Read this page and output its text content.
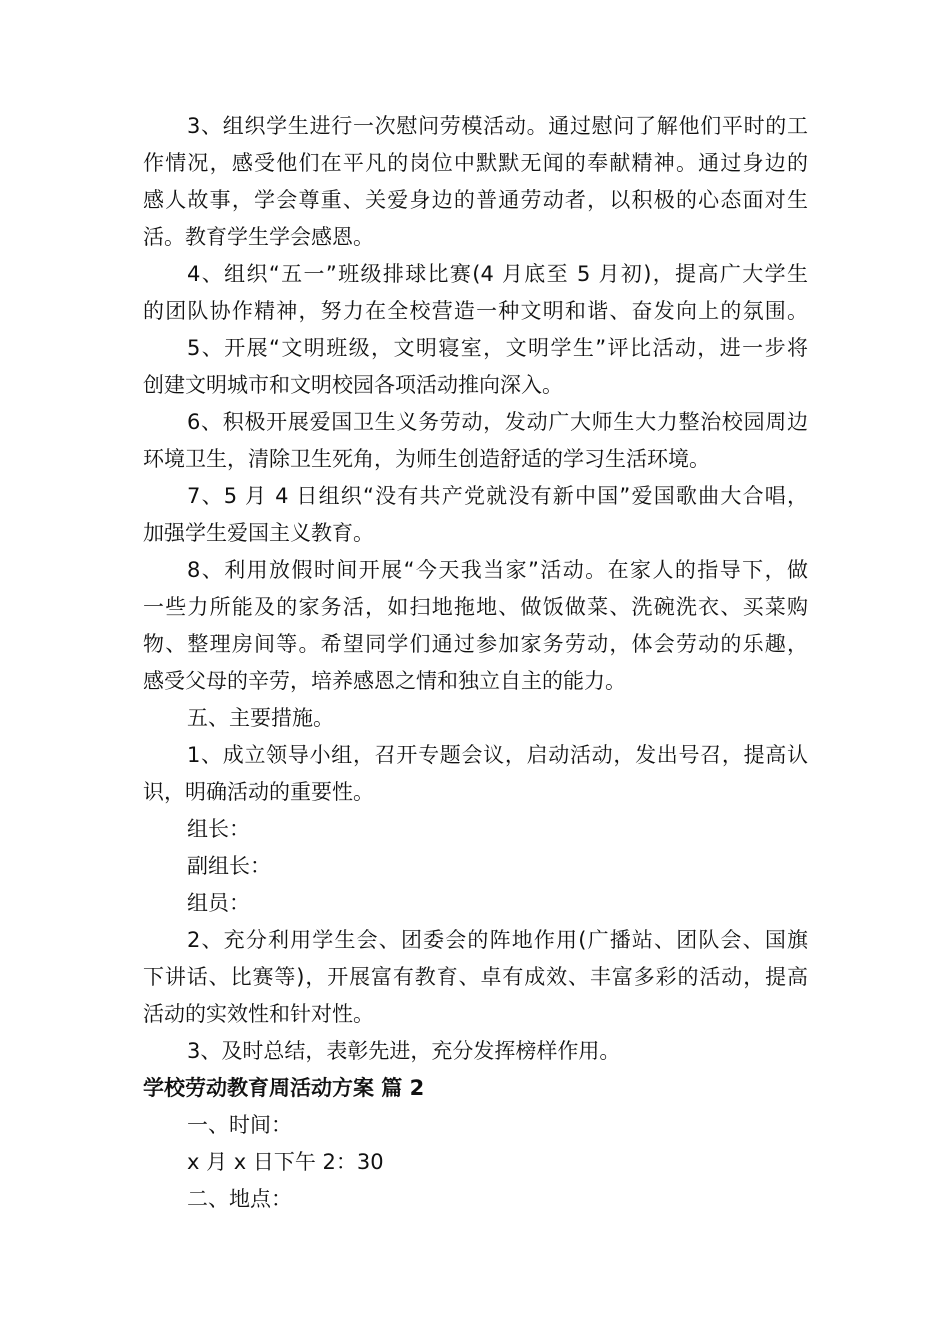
3、组织学生进行一次慰问劳模活动。通过慰问了解他们平时的工
作情况，感受他们在平凡的岗位中默默无闻的奉献精神。通过身边的
感人故事，学会尊重、关爱身边的普通劳动者，以积极的心态面对生
活。教育学生学会感恩。
4、组织“五一”班级排球比赛(4 月底至 5 月初)，提高广大学生
的团队协作精神，努力在全校营造一种文明和谐、奋发向上的氛围。
5、开展“文明班级，文明寝室，文明学生”评比活动，进一步将
创建文明城市和文明校园各项活动推向深入。
6、积极开展爱国卫生义务劳动，发动广大师生大力整治校园周边
环境卫生，清除卫生死角，为师生创造舒适的学习生活环境。
7、5 月 4 日组织“没有共产党就没有新中国”爱国歌曲大合唱，
加强学生爱国主义教育。
8、利用放假时间开展“今天我当家”活动。在家人的指导下，做
一些力所能及的家务活，如扫地拖地、做饭做菜、洗碗洗衣、买菜购
物、整理房间等。希望同学们通过参加家务劳动，体会劳动的乐趣，
感受父母的辛劳，培养感恩之情和独立自主的能力。
五、主要措施。
1、成立领导小组，召开专题会议，启动活动，发出号召，提高认
识，明确活动的重要性。
组长：
副组长：
组员：
2、充分利用学生会、团委会的阵地作用(广播站、团队会、国旗
下讲话、比赛等)，开展富有教育、卓有成效、丰富多彩的活动，提高
活动的实效性和针对性。
3、及时总结，表彰先进，充分发挥榜样作用。
学校劳动教育周活动方案 篇 2
一、时间：
x 月 x 日下午 2：30
二、地点：
